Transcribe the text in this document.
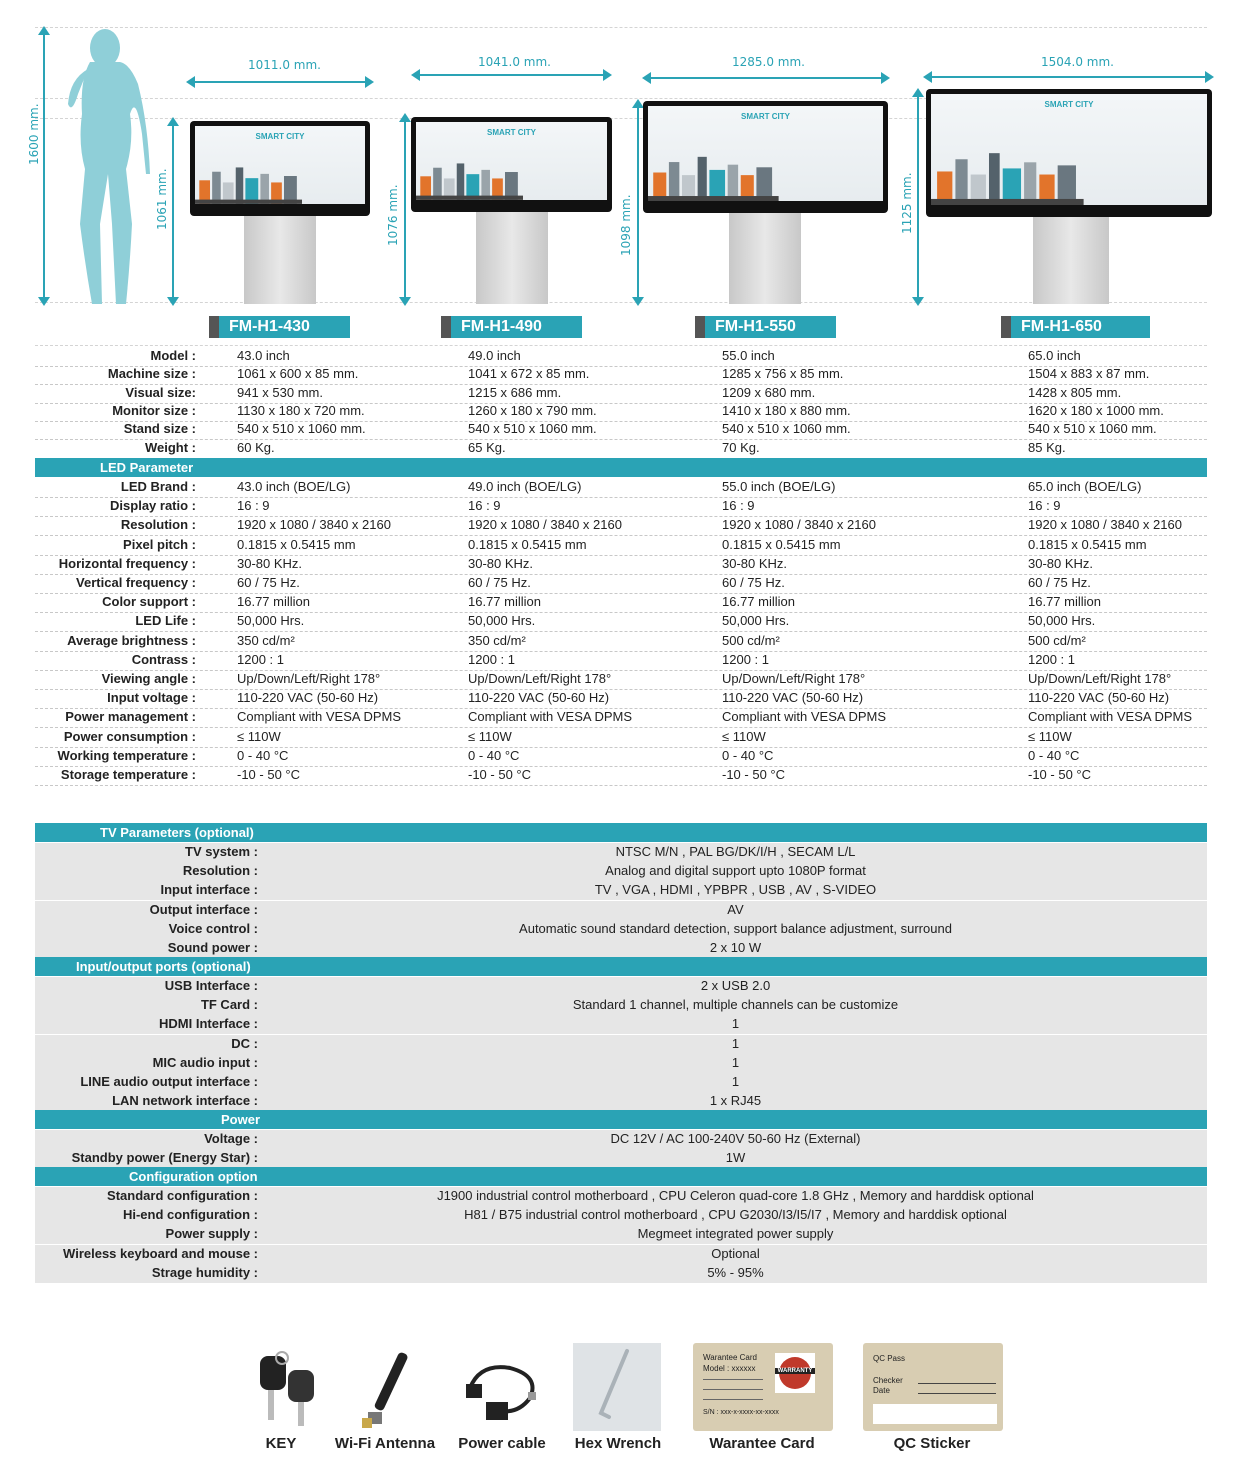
1600 mm.
1011.0 mm.
1061 mm.
SMART CITY
1041.0 mm.
1076 mm.
SMART CITY
1285.0 mm.
1098 mm.
SMART CITY
1504.0 mm.
1125 mm.
SMART CITY
FM-H1-430	FM-H1-490	FM-H1-550	FM-H1-650
Model :	43.0 inch	49.0 inch	55.0 inch	65.0 inch
Machine size :	1061 x 600 x 85 mm.	1041 x 672 x 85 mm.	1285 x 756 x 85 mm.	1504 x 883 x 87 mm.
Visual size:	941 x 530 mm.	1215 x 686 mm.	1209 x 680 mm.	1428 x 805 mm.
Monitor size :	1130 x 180 x 720 mm.	1260 x 180 x 790 mm.	1410 x 180 x 880 mm.	1620 x 180 x 1000 mm.
Stand size :	540 x 510 x 1060 mm.	540 x 510 x 1060 mm.	540 x 510 x 1060 mm.	540 x 510 x 1060 mm.
Weight :	60 Kg.	65 Kg.	70 Kg.	85 Kg.
LED Parameter
LED Brand :	43.0 inch (BOE/LG)	49.0 inch (BOE/LG)	55.0 inch (BOE/LG)	65.0 inch (BOE/LG)
Display ratio :	16 : 9	16 : 9	16 : 9	16 : 9
Resolution :	1920 x 1080 / 3840 x 2160	1920 x 1080 / 3840 x 2160	1920 x 1080 / 3840 x 2160	1920 x 1080 / 3840 x 2160
Pixel pitch :	0.1815 x 0.5415 mm	0.1815 x 0.5415 mm	0.1815 x 0.5415 mm	0.1815 x 0.5415 mm
Horizontal frequency :	30-80 KHz.	30-80 KHz.	30-80 KHz.	30-80 KHz.
Vertical frequency :	60 / 75 Hz.	60 / 75 Hz.	60 / 75 Hz.	60 / 75 Hz.
Color support :	16.77 million	16.77 million	16.77 million	16.77 million
LED Life :	50,000 Hrs.	50,000 Hrs.	50,000 Hrs.	50,000 Hrs.
Average brightness :	350 cd/m²	350 cd/m²	500 cd/m²	500 cd/m²
Contrass :	1200 : 1	1200 : 1	1200 : 1	1200 : 1
Viewing angle :	Up/Down/Left/Right 178°	Up/Down/Left/Right 178°	Up/Down/Left/Right 178°	Up/Down/Left/Right 178°
Input voltage :	110-220 VAC (50-60 Hz)	110-220 VAC (50-60 Hz)	110-220 VAC (50-60 Hz)	110-220 VAC (50-60 Hz)
Power management :	Compliant with VESA DPMS	Compliant with VESA DPMS	Compliant with VESA DPMS	Compliant with VESA DPMS
Power consumption :	≤ 110W	≤ 110W	≤ 110W	≤ 110W
Working temperature :	0 - 40 °C	0 - 40 °C	0 - 40 °C	0 - 40 °C
Storage temperature :	-10 - 50 °C	-10 - 50 °C	-10 - 50 °C	-10 - 50 °C
TV Parameters (optional)
TV system :	NTSC M/N , PAL BG/DK/I/H , SECAM L/L
Resolution :	Analog and digital support upto 1080P format
Input interface :	TV , VGA , HDMI , YPBPR , USB , AV , S-VIDEO
Output interface :	AV
Voice control :	Automatic sound standard detection, support balance adjustment, surround
Sound power :	2 x 10 W
Input/output ports (optional)
USB Interface :	2 x USB 2.0
TF Card :	Standard 1 channel, multiple channels can be customize
HDMI Interface :	1
DC :	1
MIC audio input :	1
LINE audio output interface :	1
LAN network interface :	1 x RJ45
Power
Voltage :	DC 12V / AC 100-240V 50-60 Hz (External)
Standby power (Energy Star) :	1W
Configuration option
Standard configuration :	J1900 industrial control motherboard , CPU Celeron quad-core 1.8 GHz , Memory and harddisk optional
Hi-end configuration :	H81 / B75 industrial control motherboard , CPU G2030/I3/I5/I7 , Memory and harddisk optional
Power supply :	Megmeet integrated power supply
Wireless keyboard and mouse :	Optional
Strage humidity :	5% - 95%
Warantee Card
Model : xxxxxx	WARRANTY
S/N : xxx-x-xxxx-xx-xxxx
QC Pass
Checker
Date
KEY	Wi-Fi Antenna	Power cable	Hex Wrench	Warantee Card	QC Sticker
